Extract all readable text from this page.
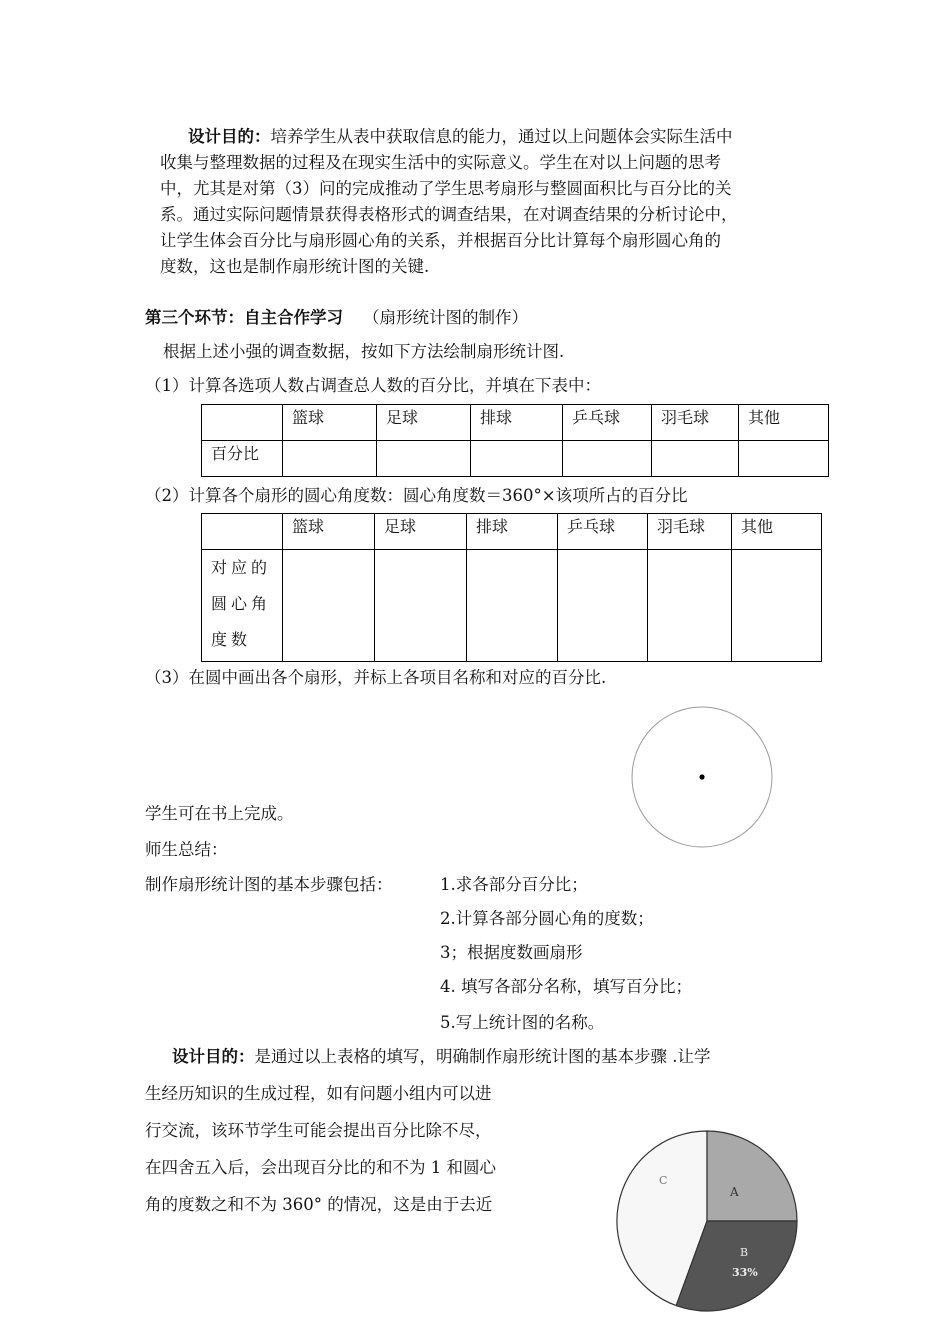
设计目的：培养学生从表中获取信息的能力，通过以上问题体会实际生活中
收集与整理数据的过程及在现实生活中的实际意义。学生在对以上问题的思考
中，尤其是对第（3）问的完成推动了学生思考扇形与整圆面积比与百分比的关
系。通过实际问题情景获得表格形式的调查结果，在对调查结果的分析讨论中，
让学生体会百分比与扇形圆心角的关系，并根据百分比计算每个扇形圆心角的
度数，这也是制作扇形统计图的关键.
第三个环节：自主合作学习 （扇形统计图的制作）
根据上述小强的调查数据，按如下方法绘制扇形统计图.
（1）计算各选项人数占调查总人数的百分比，并填在下表中：
	篮球	足球	排球	乒乓球	羽毛球	其他
百分比						
（2）计算各个扇形的圆心角度数：圆心角度数＝360°×该项所占的百分比
	篮球	足球	排球	乒乓球	羽毛球	其他

对应的
圆心角
度数						

（3）在圆中画出各个扇形，并标上各项目名称和对应的百分比.
学生可在书上完成。
师生总结：
制作扇形统计图的基本步骤包括：	1.求各部分百分比；
2.计算各部分圆心角的度数；
3；根据度数画扇形
4. 填写各部分名称，填写百分比；
5.写上统计图的名称。
设计目的：是通过以上表格的填写，明确制作扇形统计图的基本步骤 .让学
生经历知识的生成过程，如有问题小组内可以进
行交流，该环节学生可能会提出百分比除不尽，
在四舍五入后，会出现百分比的和不为 1 和圆心
角的度数之和不为 360° 的情况，这是由于去近
C
A
B
33%
